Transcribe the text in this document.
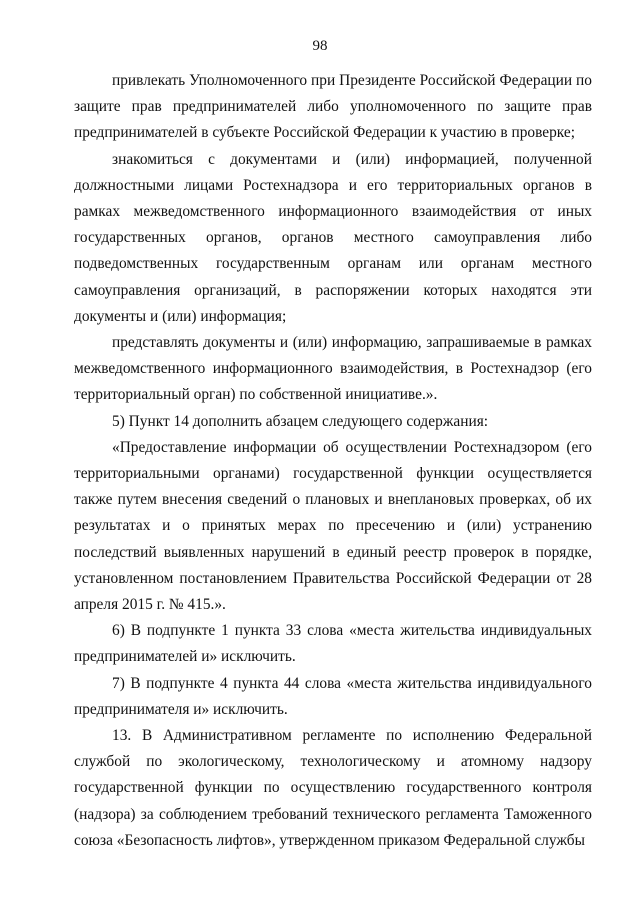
98

привлекать Уполномоченного при Президенте Российской Федерации по защите прав предпринимателей либо уполномоченного по защите прав предпринимателей в субъекте Российской Федерации к участию в проверке;

знакомиться с документами и (или) информацией, полученной должностными лицами Ростехнадзора и его территориальных органов в рамках межведомственного информационного взаимодействия от иных государственных органов, органов местного самоуправления либо подведомственных государственным органам или органам местного самоуправления организаций, в распоряжении которых находятся эти документы и (или) информация;

представлять документы и (или) информацию, запрашиваемые в рамках межведомственного информационного взаимодействия, в Ростехнадзор (его территориальный орган) по собственной инициативе.».

5) Пункт 14 дополнить абзацем следующего содержания:

«Предоставление информации об осуществлении Ростехнадзором (его территориальными органами) государственной функции осуществляется также путем внесения сведений о плановых и внеплановых проверках, об их результатах и о принятых мерах по пресечению и (или) устранению последствий выявленных нарушений в единый реестр проверок в порядке, установленном постановлением Правительства Российской Федерации от 28 апреля 2015 г. № 415.».

6) В подпункте 1 пункта 33 слова «места жительства индивидуальных предпринимателей и» исключить.

7) В подпункте 4 пункта 44 слова «места жительства индивидуального предпринимателя и» исключить.

13. В Административном регламенте по исполнению Федеральной службой по экологическому, технологическому и атомному надзору государственной функции по осуществлению государственного контроля (надзора) за соблюдением требований технического регламента Таможенного союза «Безопасность лифтов», утвержденном приказом Федеральной службы
